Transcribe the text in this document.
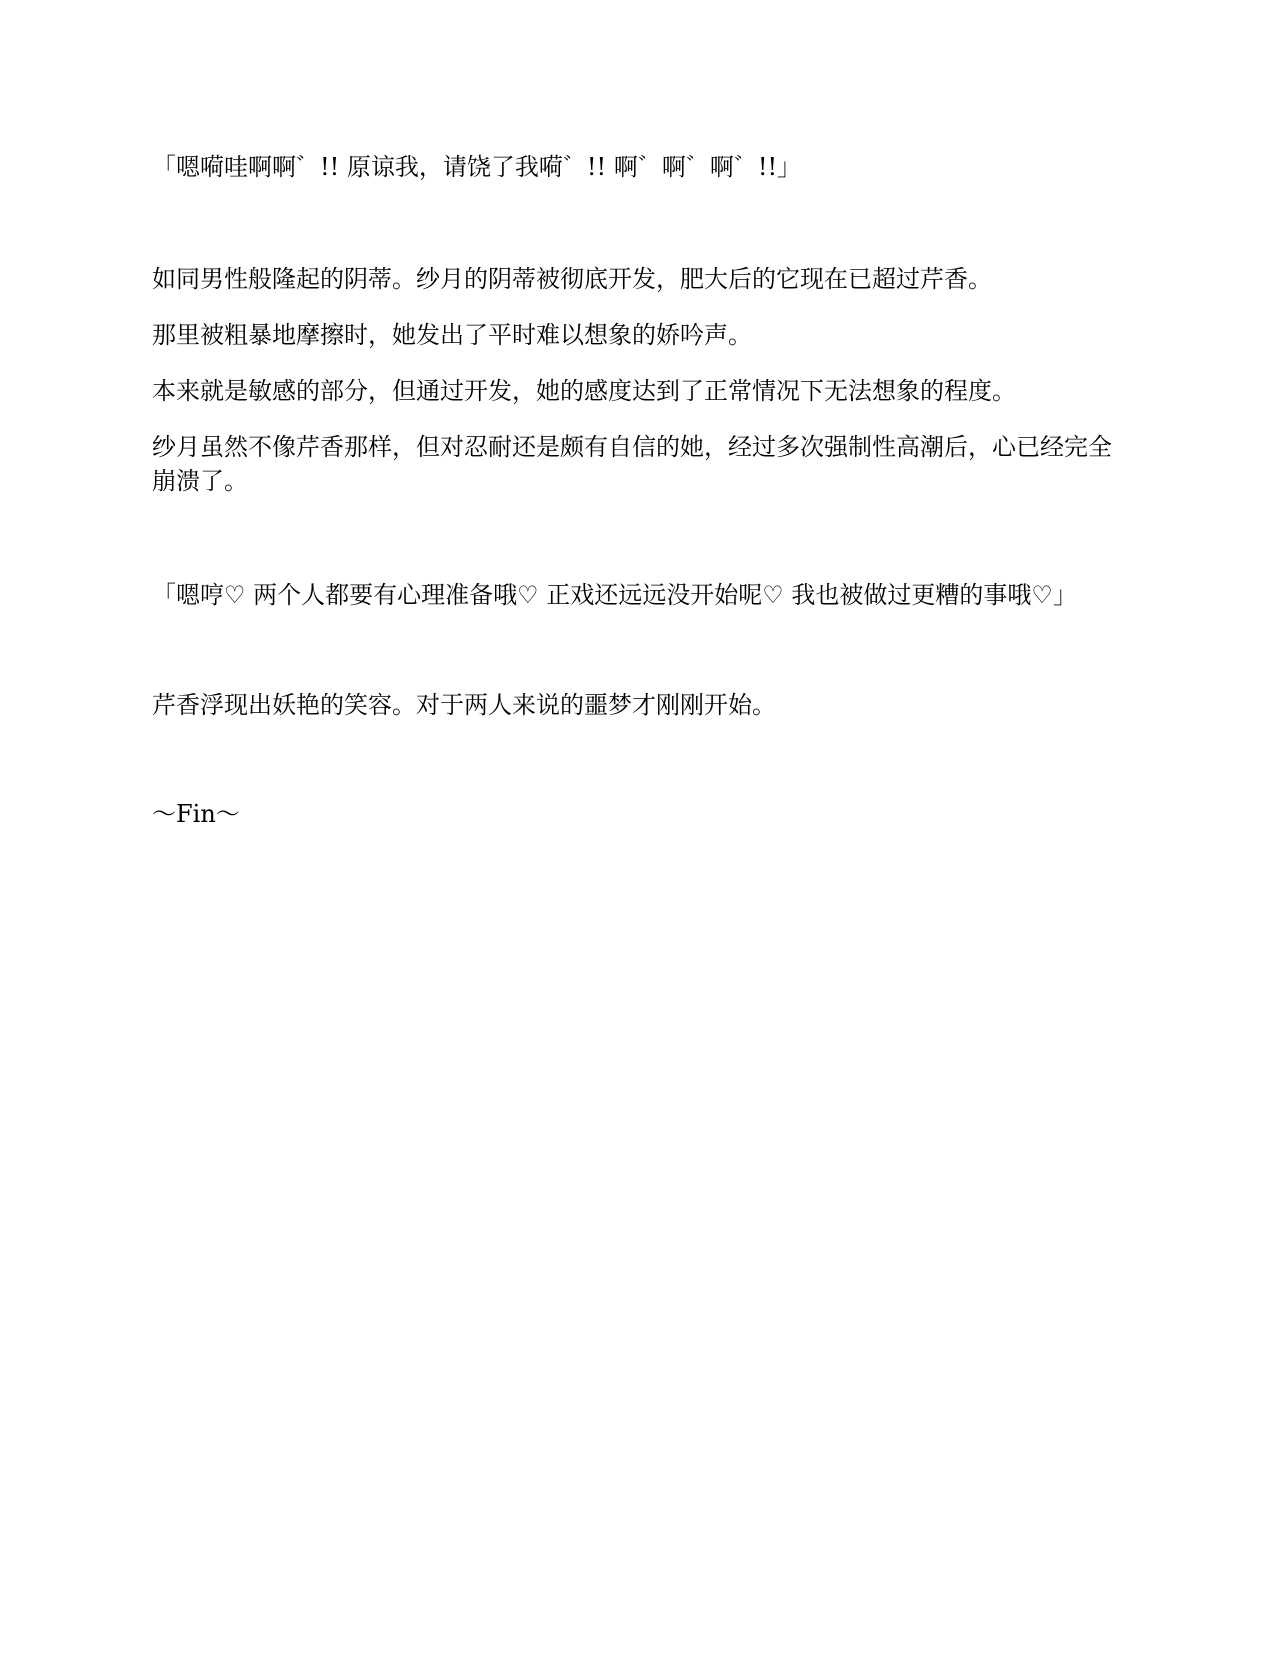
「嗯嗬哇啊啊゛!! 原谅我，请饶了我嗬゛!! 啊゛啊゛啊゛!!」

如同男性般隆起的阴蒂。纱月的阴蒂被彻底开发，肥大后的它现在已超过芹香。

那里被粗暴地摩擦时，她发出了平时难以想象的娇吟声。

本来就是敏感的部分，但通过开发，她的感度达到了正常情况下无法想象的程度。

纱月虽然不像芹香那样，但对忍耐还是颇有自信的她，经过多次强制性高潮后，心已经完全崩溃了。

「嗯哼♡ 两个人都要有心理准备哦♡ 正戏还远远没开始呢♡ 我也被做过更糟的事哦♡」

芹香浮现出妖艳的笑容。对于两人来说的噩梦才刚刚开始。

～Fin～
